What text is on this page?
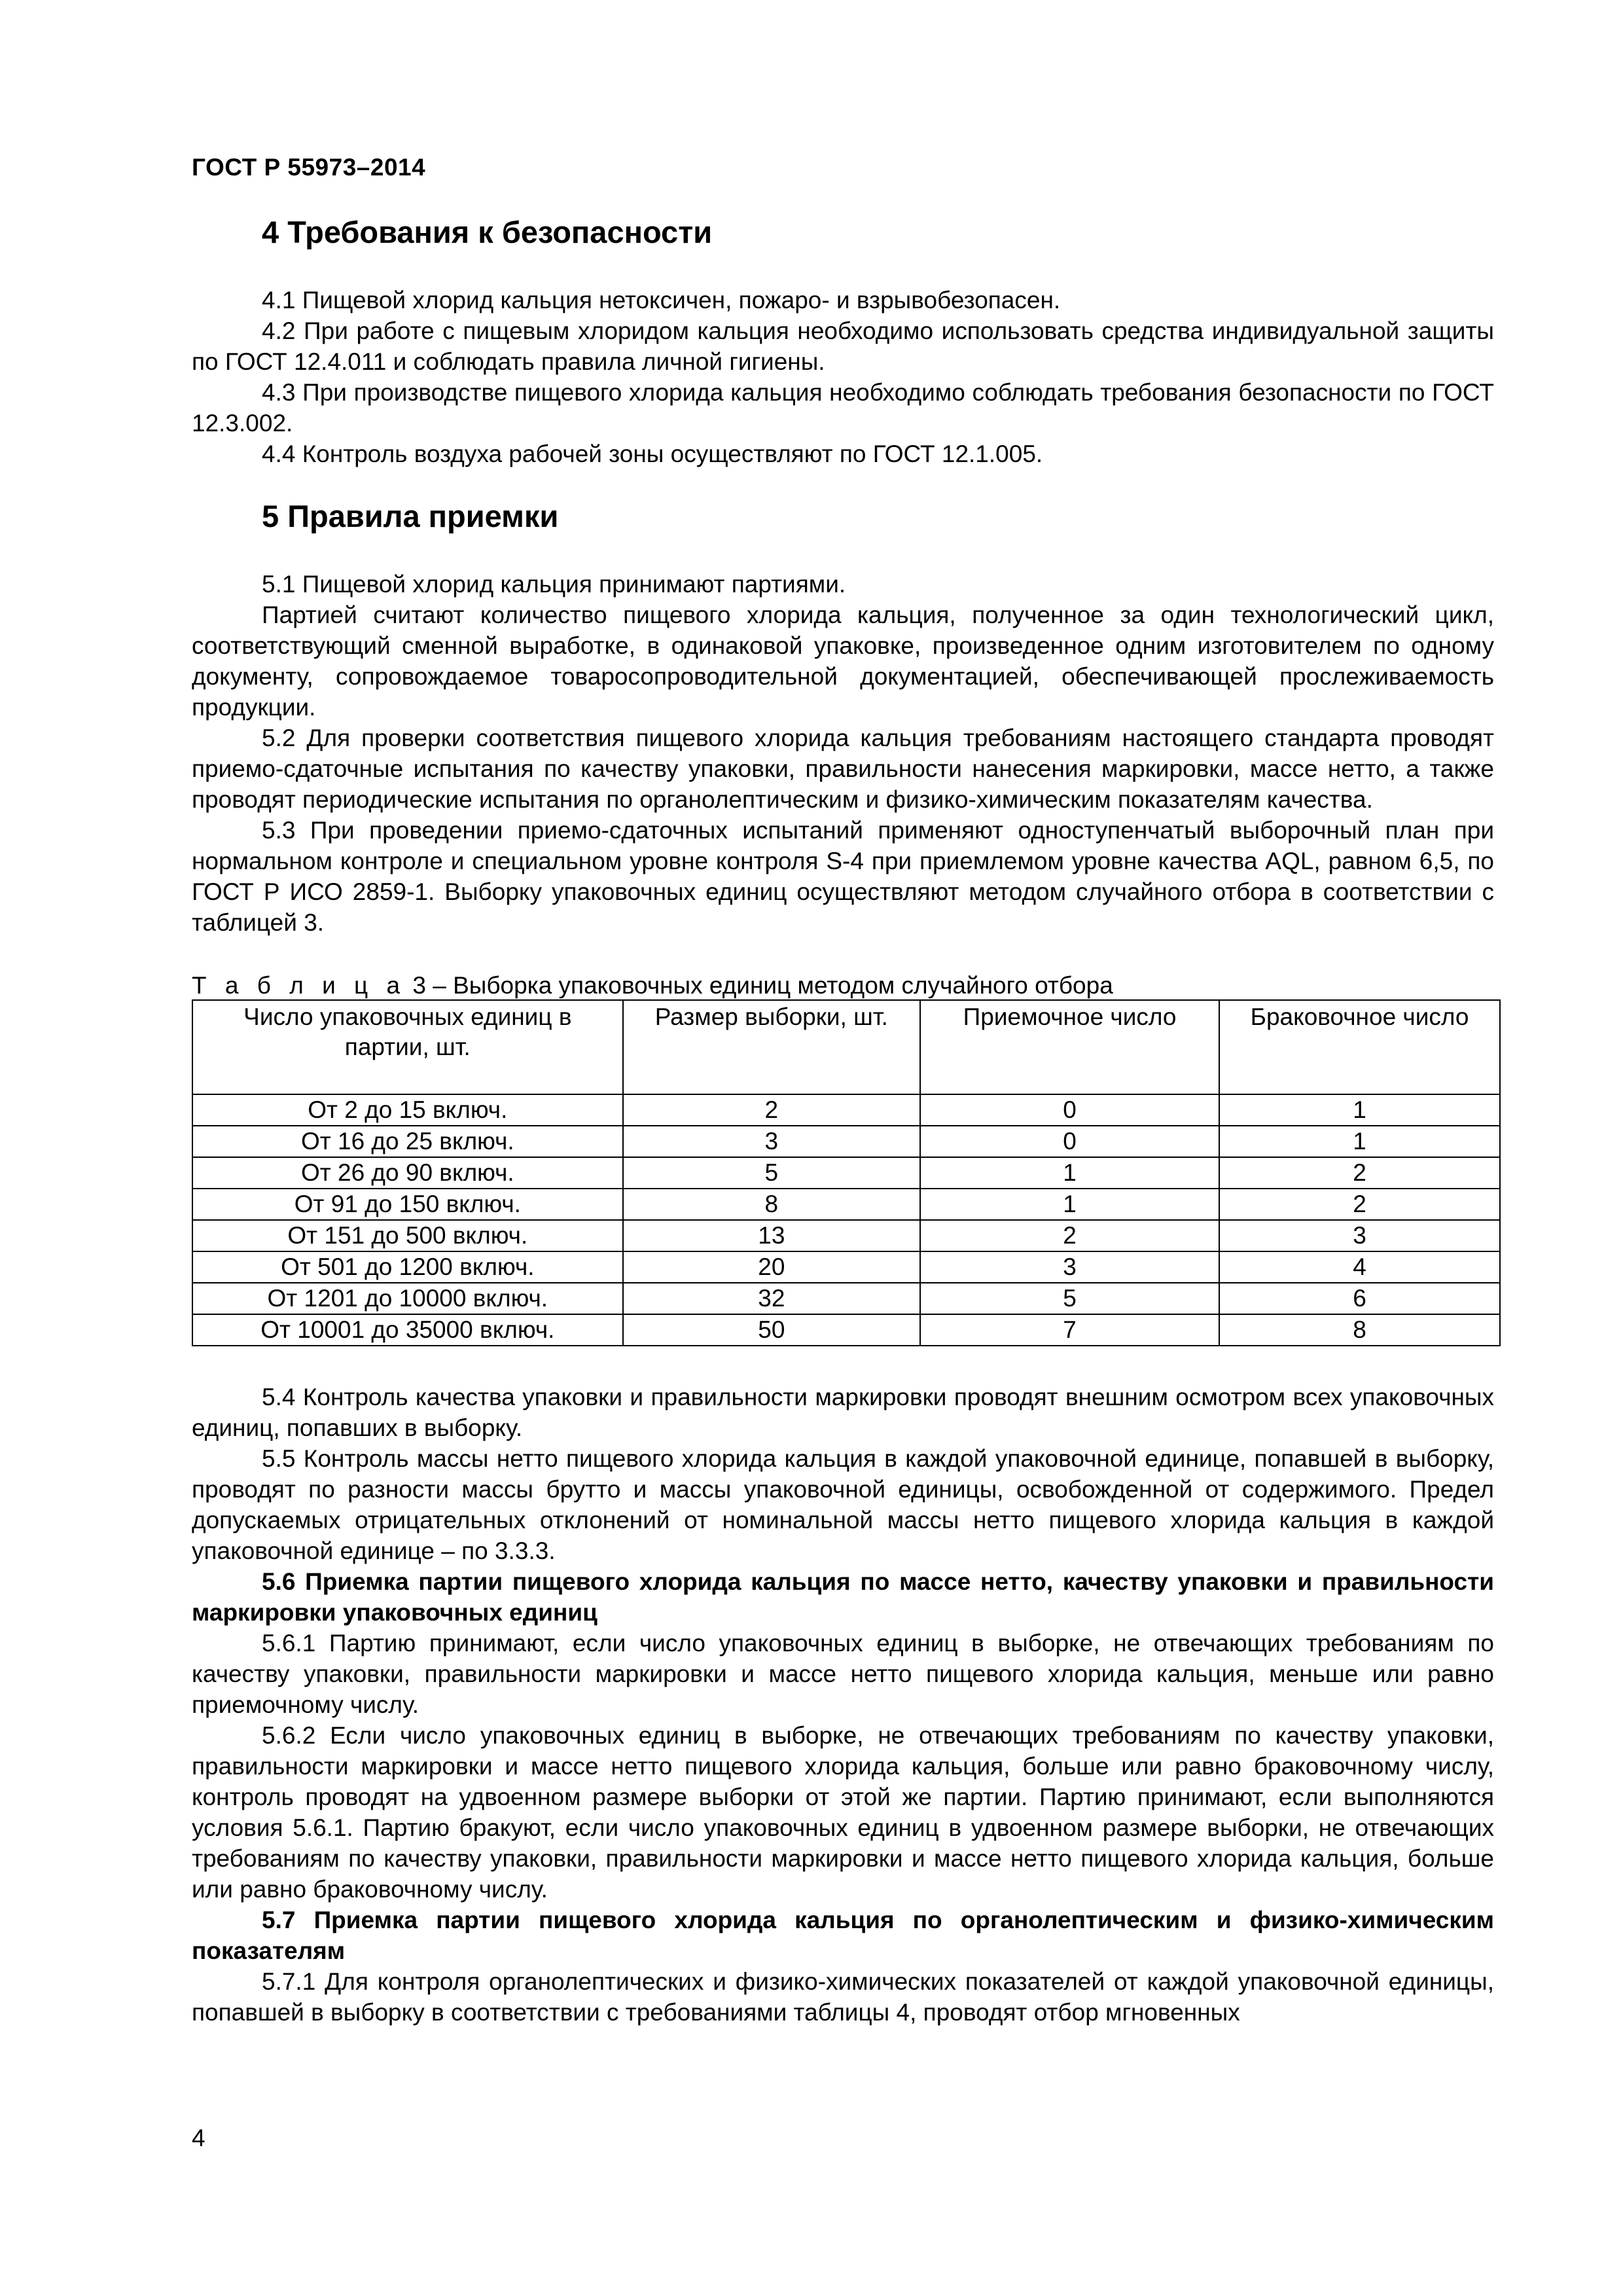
ГОСТ Р 55973–2014
4 Требования к безопасности

4.1 Пищевой хлорид кальция нетоксичен, пожаро- и взрывобезопасен.

4.2 При работе с пищевым хлоридом кальция необходимо использовать средства индивидуальной защиты по ГОСТ 12.4.011 и соблюдать правила личной гигиены.

4.3 При производстве пищевого хлорида кальция необходимо соблюдать требования безопасности по ГОСТ 12.3.002.

4.4 Контроль воздуха рабочей зоны осуществляют по ГОСТ 12.1.005.

5 Правила приемки

5.1 Пищевой хлорид кальция принимают партиями.

Партией считают количество пищевого хлорида кальция, полученное за один технологический цикл, соответствующий сменной выработке, в одинаковой упаковке, произведенное одним изготовителем по одному документу, сопровождаемое товаросопроводительной документацией, обеспечивающей прослеживаемость продукции.

5.2 Для проверки соответствия пищевого хлорида кальция требованиям настоящего стандарта проводят приемо-сдаточные испытания по качеству упаковки, правильности нанесения маркировки, массе нетто, а также проводят периодические испытания по органолептическим и физико-химическим показателям качества.

5.3 При проведении приемо-сдаточных испытаний применяют одноступенчатый выборочный план при нормальном контроле и специальном уровне контроля S-4 при приемлемом уровне качества AQL, равном 6,5, по ГОСТ Р ИСО 2859-1. Выборку упаковочных единиц осуществляют методом случайного отбора в соответствии с таблицей 3.

Т а б л и ц а 3 – Выборка упаковочных единиц методом случайного отбора

Число упаковочных единиц в партии, шт.	Размер выборки, шт.	Приемочное число	Браковочное число
От 2 до 15 включ.	2	0	1
От 16 до 25 включ.	3	0	1
От 26 до 90 включ.	5	1	2
От 91 до 150 включ.	8	1	2
От 151 до 500 включ.	13	2	3
От 501 до 1200 включ.	20	3	4
От 1201 до 10000 включ.	32	5	6
От 10001 до 35000 включ.	50	7	8

5.4 Контроль качества упаковки и правильности маркировки проводят внешним осмотром всех упаковочных единиц, попавших в выборку.

5.5 Контроль массы нетто пищевого хлорида кальция в каждой упаковочной единице, попавшей в выборку, проводят по разности массы брутто и массы упаковочной единицы, освобожденной от содержимого. Предел допускаемых отрицательных отклонений от номинальной массы нетто пищевого хлорида кальция в каждой упаковочной единице – по 3.3.3.

5.6 Приемка партии пищевого хлорида кальция по массе нетто, качеству упаковки и правильности маркировки упаковочных единиц

5.6.1 Партию принимают, если число упаковочных единиц в выборке, не отвечающих требованиям по качеству упаковки, правильности маркировки и массе нетто пищевого хлорида кальция, меньше или равно приемочному числу.

5.6.2 Если число упаковочных единиц в выборке, не отвечающих требованиям по качеству упаковки, правильности маркировки и массе нетто пищевого хлорида кальция, больше или равно браковочному числу, контроль проводят на удвоенном размере выборки от этой же партии. Партию принимают, если выполняются условия 5.6.1. Партию бракуют, если число упаковочных единиц в удвоенном размере выборки, не отвечающих требованиям по качеству упаковки, правильности маркировки и массе нетто пищевого хлорида кальция, больше или равно браковочному числу.

5.7 Приемка партии пищевого хлорида кальция по органолептическим и физико-химическим показателям

5.7.1 Для контроля органолептических и физико-химических показателей от каждой упаковочной единицы, попавшей в выборку в соответствии с требованиями таблицы 4, проводят отбор мгновенных

4
